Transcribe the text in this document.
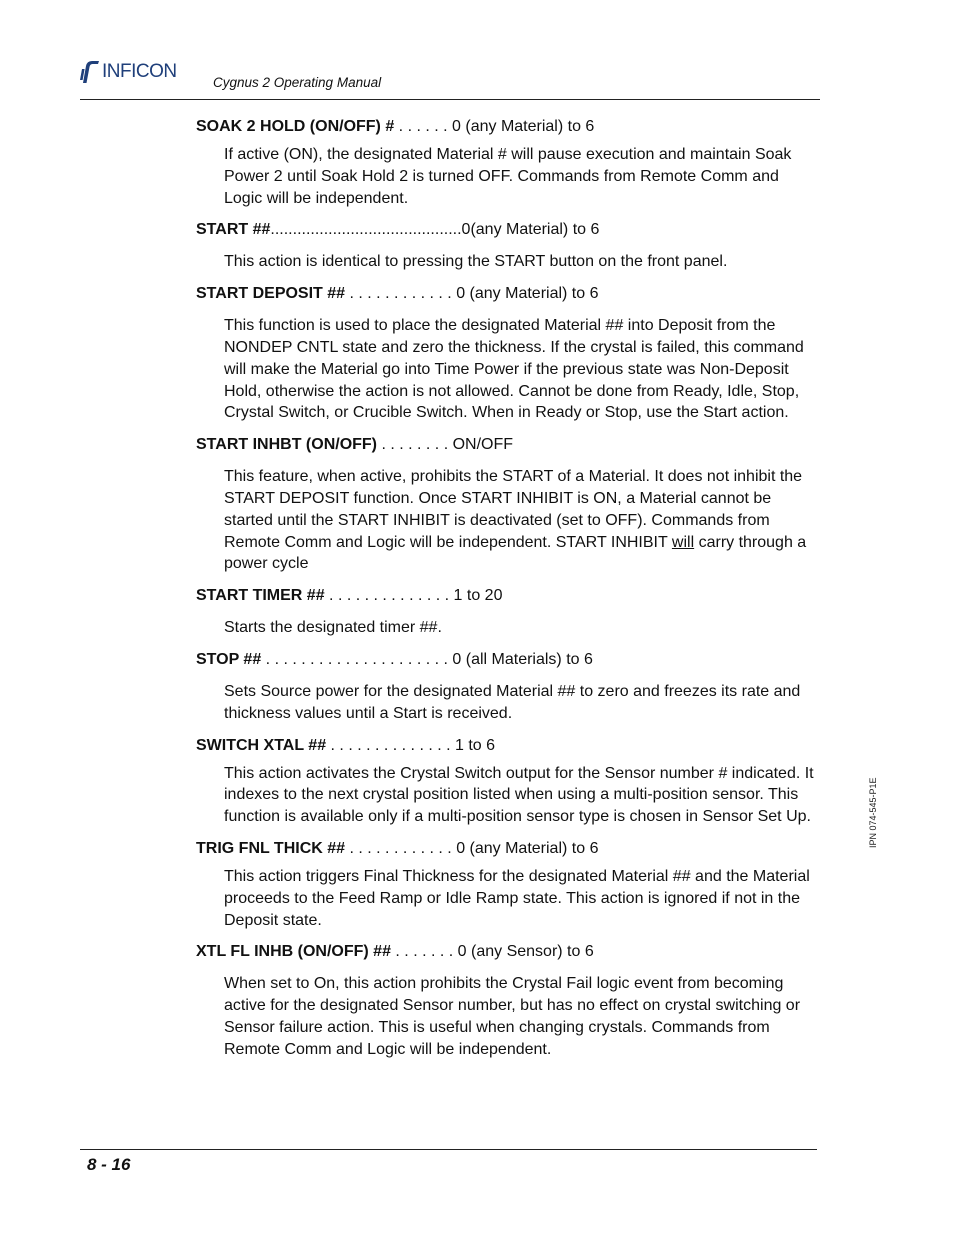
INFICON
Cygnus 2 Operating Manual

SOAK 2 HOLD (ON/OFF) # . . . . . . 0 (any Material) to 6

If active (ON), the designated Material # will pause execution and maintain Soak Power 2 until Soak Hold 2 is turned OFF. Commands from Remote Comm and Logic will be independent.

START ##...........................................0(any Material) to 6

This action is identical to pressing the START button on the front panel.

START DEPOSIT ## . . . . . . . . . . . . 0 (any Material) to 6

This function is used to place the designated Material ## into Deposit from the NONDEP CNTL state and zero the thickness. If the crystal is failed, this command will make the Material go into Time Power if the previous state was Non-Deposit Hold, otherwise the action is not allowed. Cannot be done from Ready, Idle, Stop, Crystal Switch, or Crucible Switch. When in Ready or Stop, use the Start action.

START INHBT (ON/OFF) . . . . . . . . ON/OFF

This feature, when active, prohibits the START of a Material. It does not inhibit the START DEPOSIT function. Once START INHIBIT is ON, a Material cannot be started until the START INHIBIT is deactivated (set to OFF). Commands from Remote Comm and Logic will be independent. START INHIBIT will carry through a power cycle

START TIMER ## . . . . . . . . . . . . . . 1 to 20

Starts the designated timer ##.

STOP ## . . . . . . . . . . . . . . . . . . . . . 0 (all Materials) to 6

Sets Source power for the designated Material ## to zero and freezes its rate and thickness values until a Start is received.

SWITCH XTAL ## . . . . . . . . . . . . . . 1 to 6

This action activates the Crystal Switch output for the Sensor number # indicated. It indexes to the next crystal position listed when using a multi-position sensor. This function is available only if a multi-position sensor type is chosen in Sensor Set Up.

TRIG FNL THICK ## . . . . . . . . . . . . 0 (any Material) to 6

This action triggers Final Thickness for the designated Material ## and the Material proceeds to the Feed Ramp or Idle Ramp state. This action is ignored if not in the Deposit state.

XTL FL INHB (ON/OFF) ## . . . . . . . 0 (any Sensor) to 6

When set to On, this action prohibits the Crystal Fail logic event from becoming active for the designated Sensor number, but has no effect on crystal switching or Sensor failure action. This is useful when changing crystals. Commands from Remote Comm and Logic will be independent.

IPN 074-545-P1E
8 - 16
